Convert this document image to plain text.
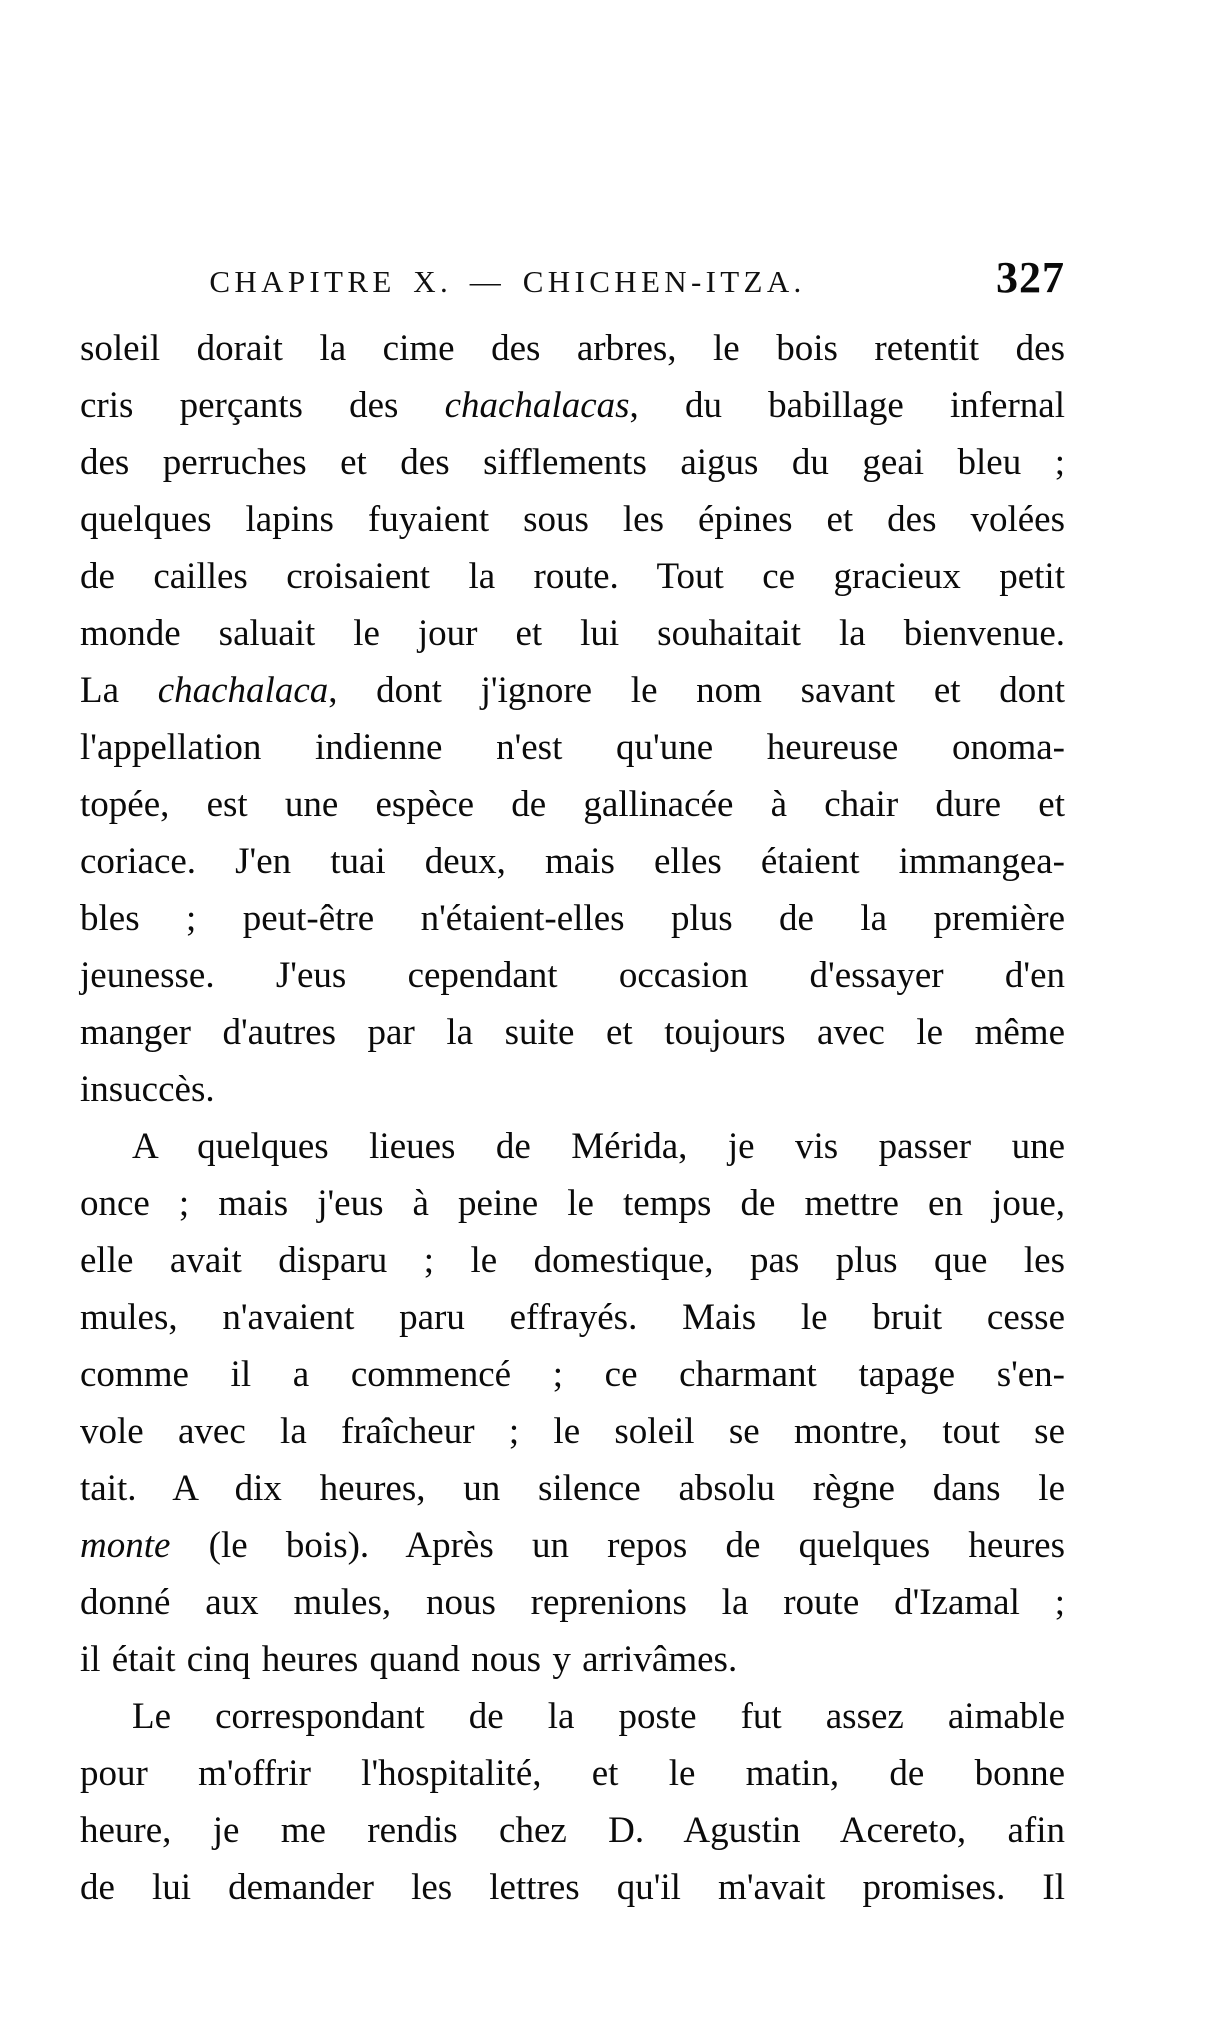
CHAPITRE X. — CHICHEN-ITZA.	327
soleil dorait la cime des arbres, le bois retentit des
cris perçants des chachalacas, du babillage infernal
des perruches et des sifflements aigus du geai bleu ;
quelques lapins fuyaient sous les épines et des volées
de cailles croisaient la route. Tout ce gracieux petit
monde saluait le jour et lui souhaitait la bienvenue.
La chachalaca, dont j'ignore le nom savant et dont
l'appellation indienne n'est qu'une heureuse onoma-
topée, est une espèce de gallinacée à chair dure et
coriace. J'en tuai deux, mais elles étaient immangea-
bles ; peut-être n'étaient-elles plus de la première
jeunesse. J'eus cependant occasion d'essayer d'en
manger d'autres par la suite et toujours avec le même
insuccès.
A quelques lieues de Mérida, je vis passer une
once ; mais j'eus à peine le temps de mettre en joue,
elle avait disparu ; le domestique, pas plus que les
mules, n'avaient paru effrayés. Mais le bruit cesse
comme il a commencé ; ce charmant tapage s'en-
vole avec la fraîcheur ; le soleil se montre, tout se
tait. A dix heures, un silence absolu règne dans le
monte (le bois). Après un repos de quelques heures
donné aux mules, nous reprenions la route d'Izamal ;
il était cinq heures quand nous y arrivâmes.
Le correspondant de la poste fut assez aimable
pour m'offrir l'hospitalité, et le matin, de bonne
heure, je me rendis chez D. Agustin Acereto, afin
de lui demander les lettres qu'il m'avait promises. Il
